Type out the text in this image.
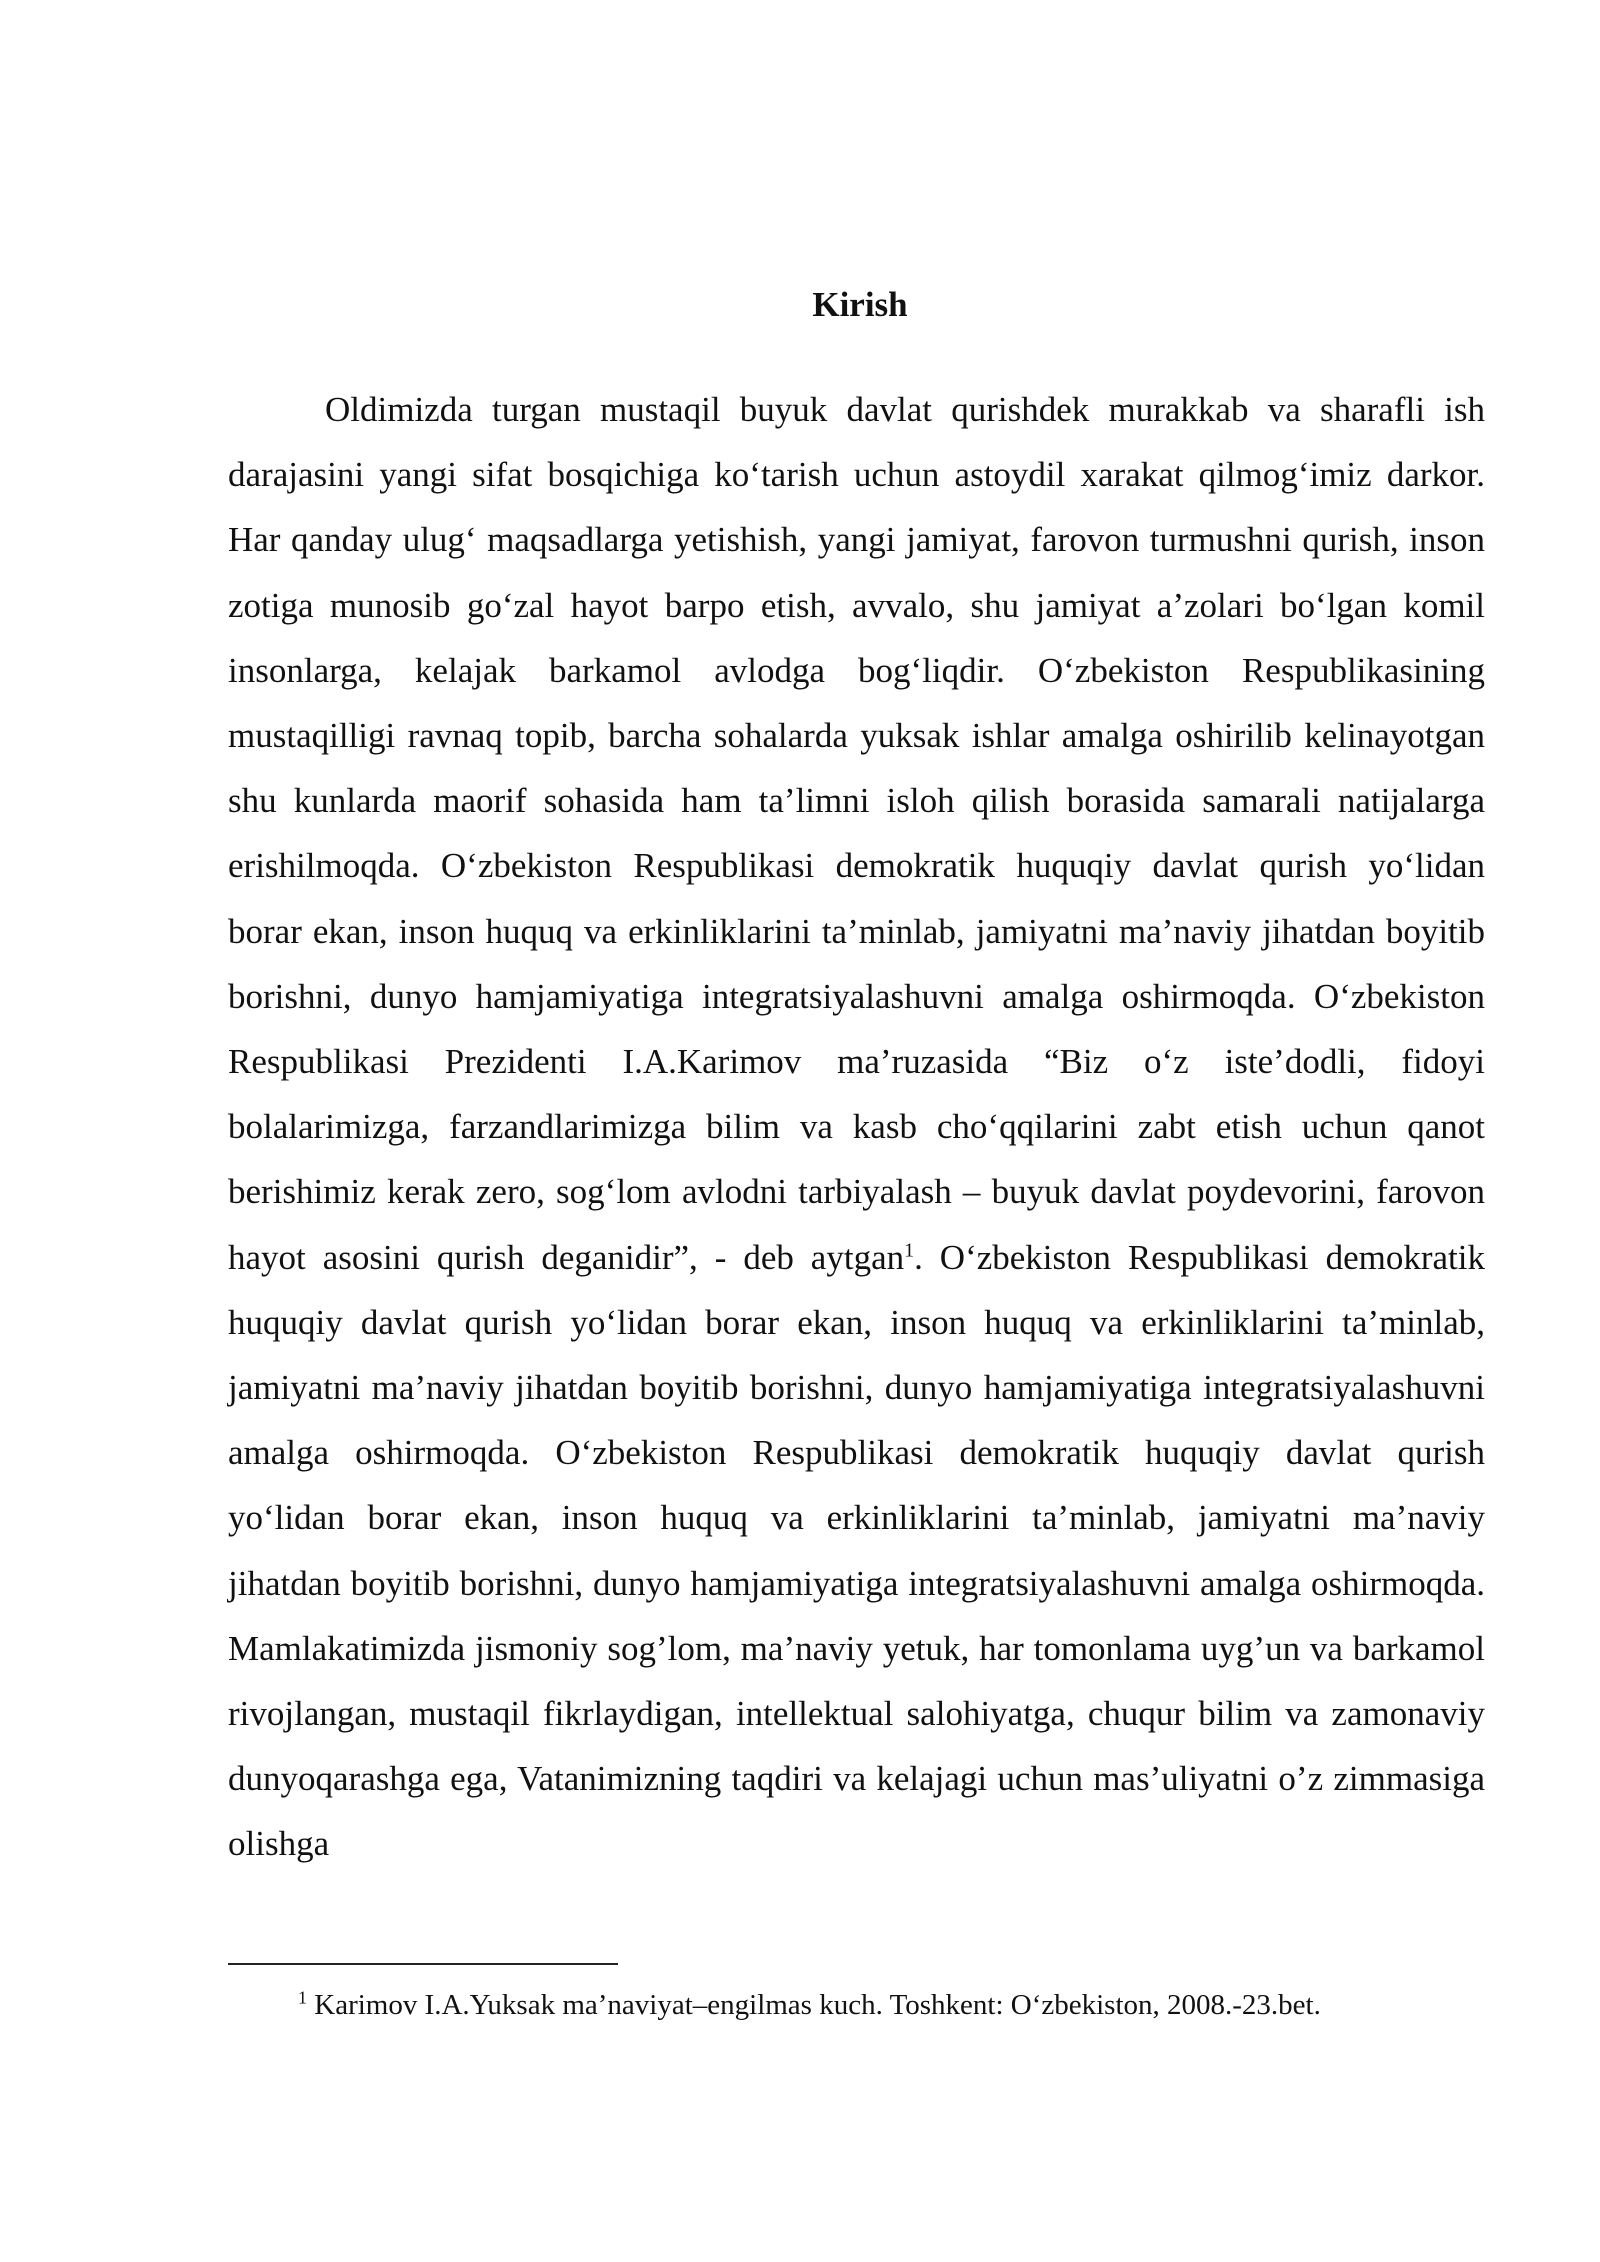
Kirish

Oldimizda turgan mustaqil buyuk davlat qurishdek murakkab va sharafli ish darajasini yangi sifat bosqichiga ko‘tarish uchun astoydil xarakat qilmog‘imiz darkor. Har qanday ulug‘ maqsadlarga yetishish, yangi jamiyat, farovon turmushni qurish, inson zotiga munosib go‘zal hayot barpo etish, avvalo, shu jamiyat a’zolari bo‘lgan komil insonlarga, kelajak barkamol avlodga bog‘liqdir. O‘zbekiston Respublikasining mustaqilligi ravnaq topib, barcha sohalarda yuksak ishlar amalga oshirilib kelinayotgan shu kunlarda maorif sohasida ham ta’limni isloh qilish borasida samarali natijalarga erishilmoqda. O‘zbekiston Respublikasi demokratik huquqiy davlat qurish yo‘lidan borar ekan, inson huquq va erkinliklarini ta’minlab, jamiyatni ma’naviy jihatdan boyitib borishni, dunyo hamjamiyatiga integratsiyalashuvni amalga oshirmoqda. O‘zbekiston Respublikasi Prezidenti I.A.Karimov ma’ruzasida “Biz o‘z iste’dodli, fidoyi bolalarimizga, farzandlarimizga bilim va kasb cho‘qqilarini zabt etish uchun qanot berishimiz kerak zero, sog‘lom avlodni tarbiyalash – buyuk davlat poydevorini, farovon hayot asosini qurish deganidir”, - deb aytgan$^1$. O‘zbekiston Respublikasi demokratik huquqiy davlat qurish yo‘lidan borar ekan, inson huquq va erkinliklarini ta’minlab, jamiyatni ma’naviy jihatdan boyitib borishni, dunyo hamjamiyatiga integratsiyalashuvni amalga oshirmoqda. O‘zbekiston Respublikasi demokratik huquqiy davlat qurish yo‘lidan borar ekan, inson huquq va erkinliklarini ta’minlab, jamiyatni ma’naviy jihatdan boyitib borishni, dunyo hamjamiyatiga integratsiyalashuvni amalga oshirmoqda. Mamlakatimizda jismoniy sog’lom, ma’naviy yetuk, har tomonlama uyg’un va barkamol rivojlangan, mustaqil fikrlaydigan, intellektual salohiyatga, chuqur bilim va zamonaviy dunyoqarashga ega, Vatanimizning taqdiri va kelajagi uchun mas’uliyatni o’z zimmasiga olishga

$^1$ Karimov I.A.Yuksak ma’naviyat–engilmas kuch. Toshkent: O‘zbekiston, 2008.-23.bet.
